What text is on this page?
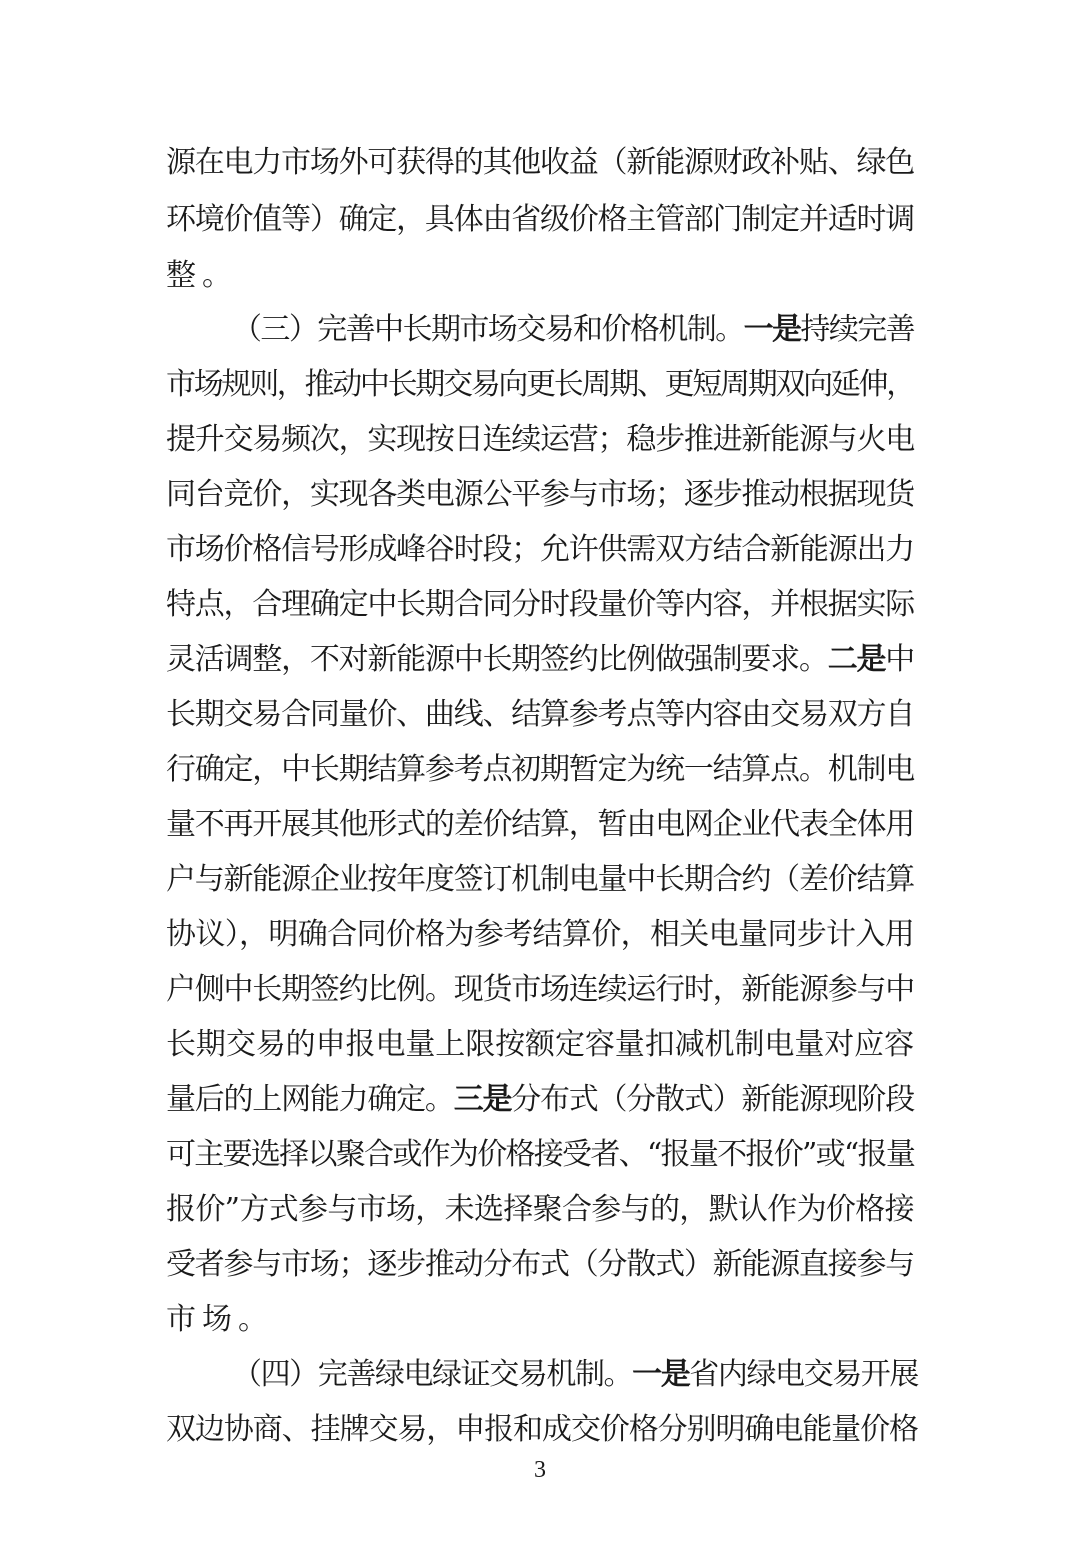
源在电力市场外可获得的其他收益（新能源财政补贴、绿色
环境价值等）确定，具体由省级价格主管部门制定并适时调
整。
（三）完善中长期市场交易和价格机制。一是持续完善
市场规则，推动中长期交易向更长周期、更短周期双向延伸，
提升交易频次，实现按日连续运营；稳步推进新能源与火电
同台竞价，实现各类电源公平参与市场；逐步推动根据现货
市场价格信号形成峰谷时段；允许供需双方结合新能源出力
特点，合理确定中长期合同分时段量价等内容，并根据实际
灵活调整，不对新能源中长期签约比例做强制要求。二是中
长期交易合同量价、曲线、结算参考点等内容由交易双方自
行确定，中长期结算参考点初期暂定为统一结算点。机制电
量不再开展其他形式的差价结算，暂由电网企业代表全体用
户与新能源企业按年度签订机制电量中长期合约（差价结算
协议），明确合同价格为参考结算价，相关电量同步计入用
户侧中长期签约比例。现货市场连续运行时，新能源参与中
长期交易的申报电量上限按额定容量扣减机制电量对应容
量后的上网能力确定。三是分布式（分散式）新能源现阶段
可主要选择以聚合或作为价格接受者、“报量不报价”或“报量
报价”方式参与市场，未选择聚合参与的，默认作为价格接
受者参与市场；逐步推动分布式（分散式）新能源直接参与
市场。
（四）完善绿电绿证交易机制。一是省内绿电交易开展
双边协商、挂牌交易，申报和成交价格分别明确电能量价格
3
